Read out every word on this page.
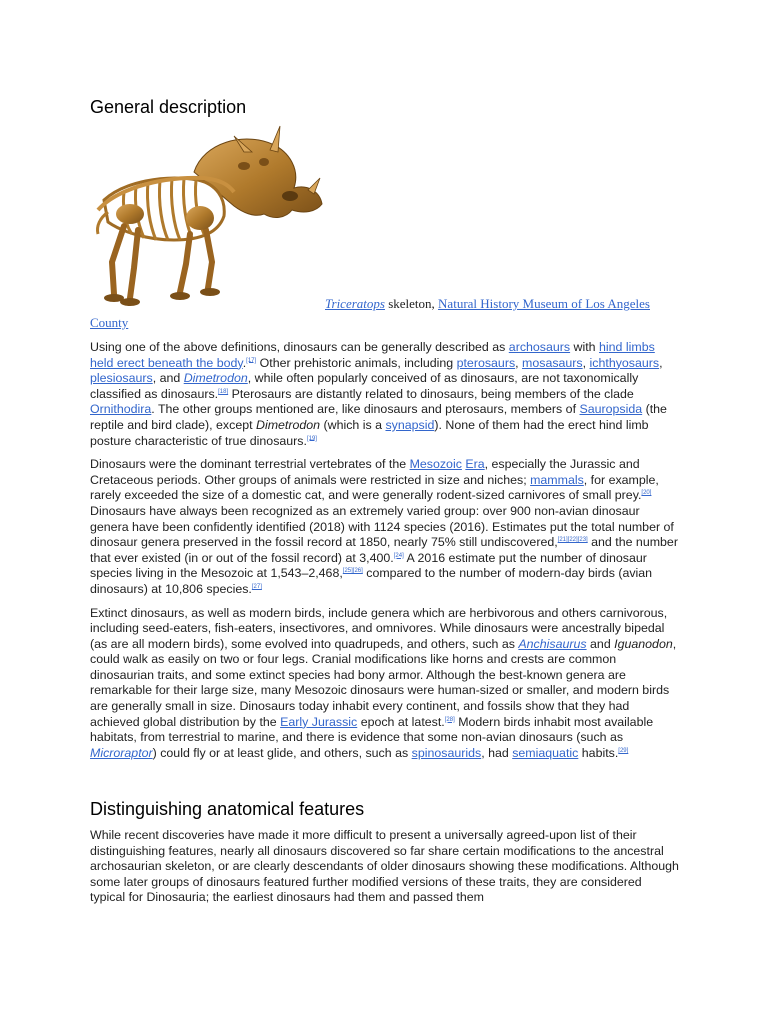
General description
Triceratops skeleton, Natural History Museum of Los Angeles
County

Using one of the above definitions, dinosaurs can be generally described as archosaurs with hind limbs held erect beneath the body.[17] Other prehistoric animals, including pterosaurs, mosasaurs, ichthyosaurs, plesiosaurs, and Dimetrodon, while often popularly conceived of as dinosaurs, are not taxonomically classified as dinosaurs.[18] Pterosaurs are distantly related to dinosaurs, being members of the clade Ornithodira. The other groups mentioned are, like dinosaurs and pterosaurs, members of Sauropsida (the reptile and bird clade), except Dimetrodon (which is a synapsid). None of them had the erect hind limb posture characteristic of true dinosaurs.[19]

Dinosaurs were the dominant terrestrial vertebrates of the Mesozoic Era, especially the Jurassic and Cretaceous periods. Other groups of animals were restricted in size and niches; mammals, for example, rarely exceeded the size of a domestic cat, and were generally rodent-sized carnivores of small prey.[20] Dinosaurs have always been recognized as an extremely varied group: over 900 non-avian dinosaur genera have been confidently identified (2018) with 1124 species (2016). Estimates put the total number of dinosaur genera preserved in the fossil record at 1850, nearly 75% still undiscovered,[21][22][23] and the number that ever existed (in or out of the fossil record) at 3,400.[24] A 2016 estimate put the number of dinosaur species living in the Mesozoic at 1,543–2,468,[25][26] compared to the number of modern-day birds (avian dinosaurs) at 10,806 species.[27]

Extinct dinosaurs, as well as modern birds, include genera which are herbivorous and others carnivorous, including seed-eaters, fish-eaters, insectivores, and omnivores. While dinosaurs were ancestrally bipedal (as are all modern birds), some evolved into quadrupeds, and others, such as Anchisaurus and Iguanodon, could walk as easily on two or four legs. Cranial modifications like horns and crests are common dinosaurian traits, and some extinct species had bony armor. Although the best-known genera are remarkable for their large size, many Mesozoic dinosaurs were human-sized or smaller, and modern birds are generally small in size. Dinosaurs today inhabit every continent, and fossils show that they had achieved global distribution by the Early Jurassic epoch at latest.[28] Modern birds inhabit most available habitats, from terrestrial to marine, and there is evidence that some non-avian dinosaurs (such as Microraptor) could fly or at least glide, and others, such as spinosaurids, had semiaquatic habits.[29]

Distinguishing anatomical features

While recent discoveries have made it more difficult to present a universally agreed-upon list of their distinguishing features, nearly all dinosaurs discovered so far share certain modifications to the ancestral archosaurian skeleton, or are clearly descendants of older dinosaurs showing these modifications. Although some later groups of dinosaurs featured further modified versions of these traits, they are considered typical for Dinosauria; the earliest dinosaurs had them and passed them
